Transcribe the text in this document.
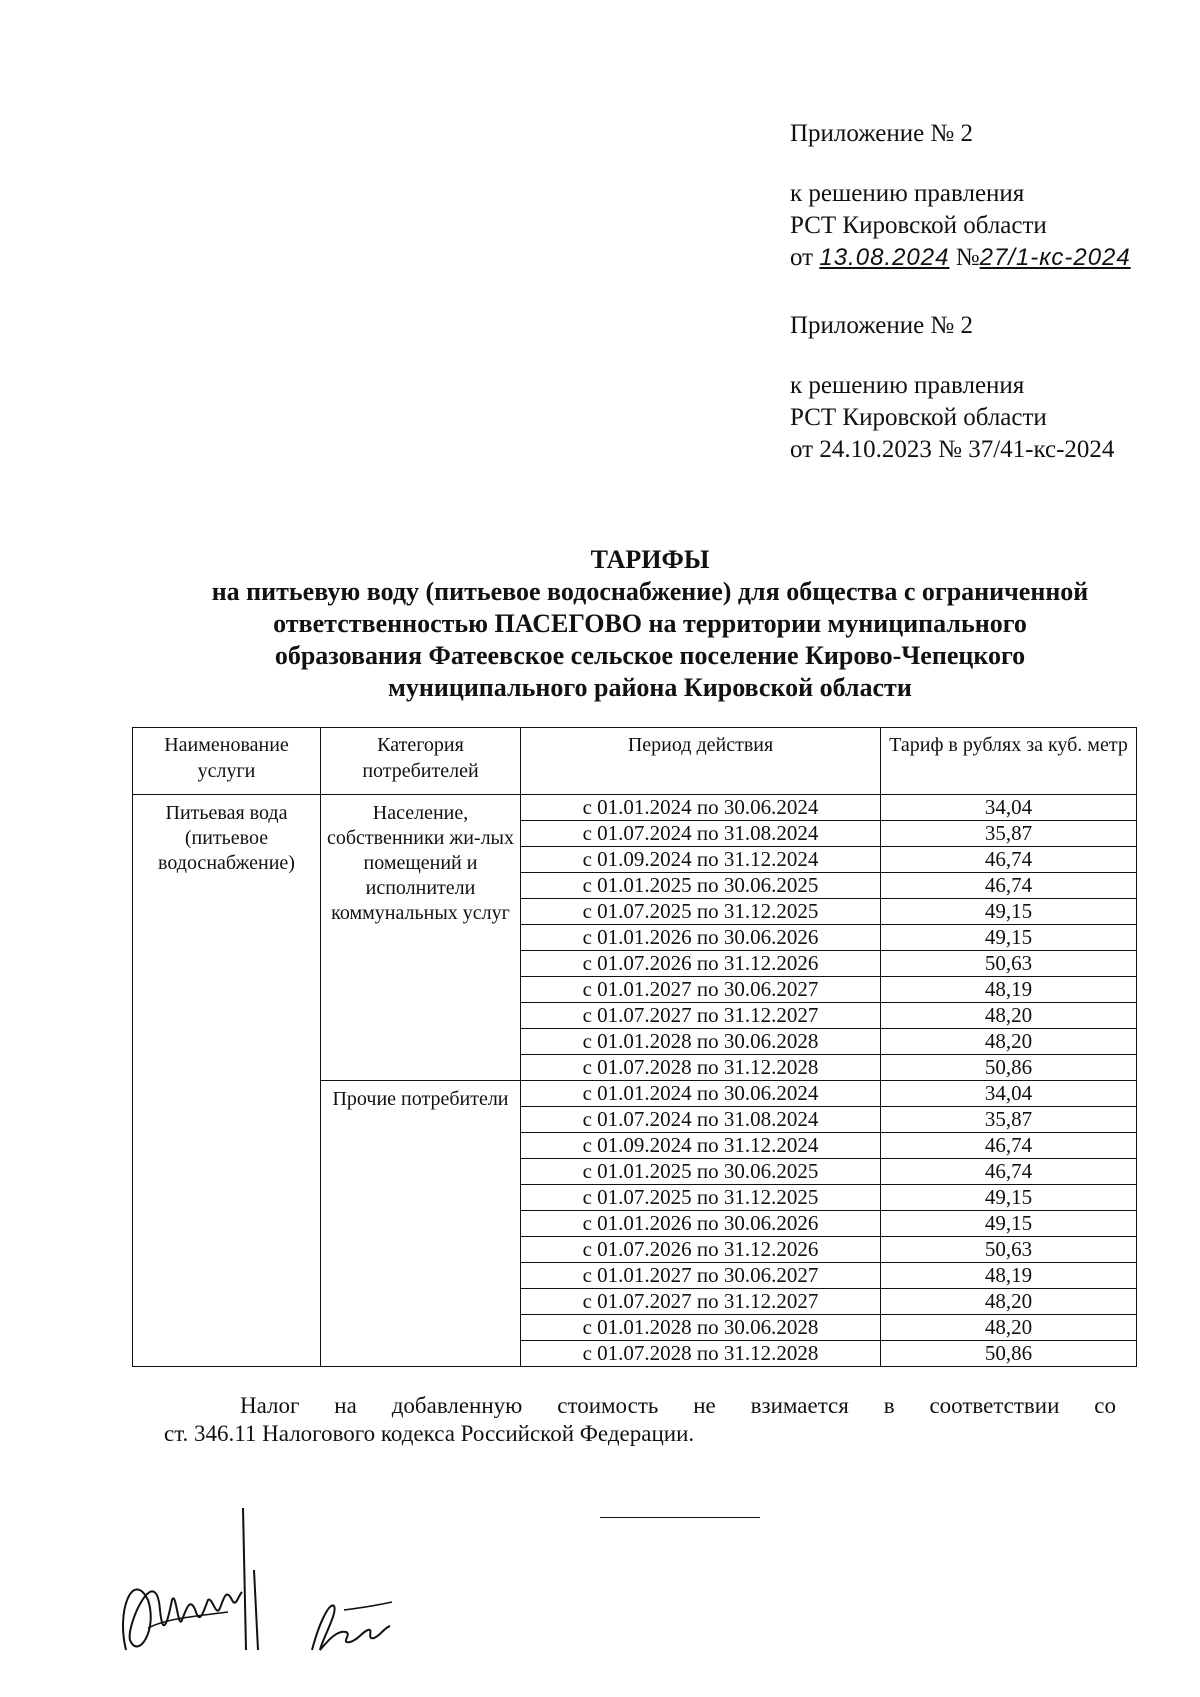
Приложение № 2
к решению правления
РСТ Кировской области
от 13.08.2024 №27/1-кс-2024
Приложение № 2
к решению правления
РСТ Кировской области
от 24.10.2023 № 37/41-кс-2024
ТАРИФЫ
на питьевую воду (питьевое водоснабжение) для общества с ограниченной
ответственностью ПАСЕГОВО на территории муниципального
образования Фатеевское сельское поселение Кирово-Чепецкого
муниципального района Кировской области
Наименование услуги	Категория потребителей	Период действия	Тариф в рублях за куб. метр
Питьевая вода (питьевое водоснабжение)	Население, собственники жи-лых помещений и исполнители коммунальных услуг	с 01.01.2024 по 30.06.2024	34,04
		с 01.07.2024 по 31.08.2024	35,87
		с 01.09.2024 по 31.12.2024	46,74
		с 01.01.2025 по 30.06.2025	46,74
		с 01.07.2025 по 31.12.2025	49,15
		с 01.01.2026 по 30.06.2026	49,15
		с 01.07.2026 по 31.12.2026	50,63
		с 01.01.2027 по 30.06.2027	48,19
		с 01.07.2027 по 31.12.2027	48,20
		с 01.01.2028 по 30.06.2028	48,20
		с 01.07.2028 по 31.12.2028	50,86
	Прочие потребители	с 01.01.2024 по 30.06.2024	34,04
		с 01.07.2024 по 31.08.2024	35,87
		с 01.09.2024 по 31.12.2024	46,74
		с 01.01.2025 по 30.06.2025	46,74
		с 01.07.2025 по 31.12.2025	49,15
		с 01.01.2026 по 30.06.2026	49,15
		с 01.07.2026 по 31.12.2026	50,63
		с 01.01.2027 по 30.06.2027	48,19
		с 01.07.2027 по 31.12.2027	48,20
		с 01.01.2028 по 30.06.2028	48,20
		с 01.07.2028 по 31.12.2028	50,86
Налог на добавленную стоимость не взимается в соответствии со
ст. 346.11 Налогового кодекса Российской Федерации.
